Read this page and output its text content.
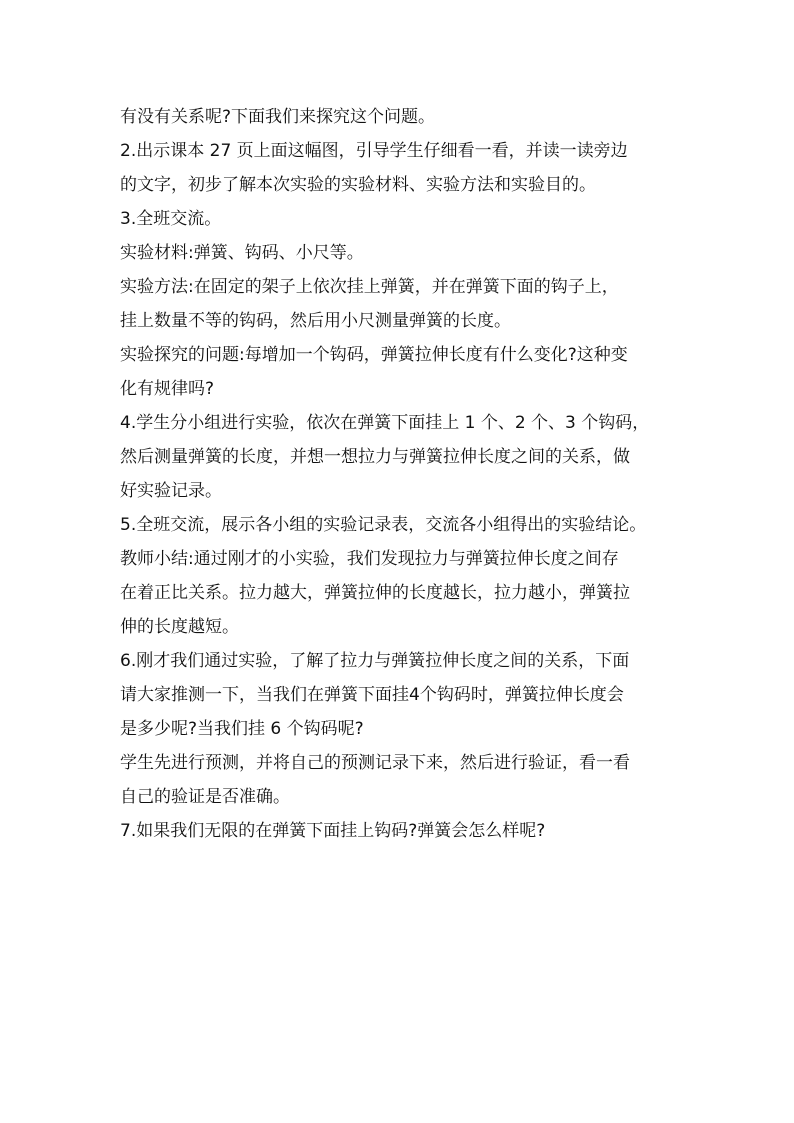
有没有关系呢?下面我们来探究这个问题。

2.出示课本 27 页上面这幅图，引导学生仔细看一看，并读一读旁边

的文字，初步了解本次实验的实验材料、实验方法和实验目的。

3.全班交流。

实验材料:弹簧、钩码、小尺等。

实验方法:在固定的架子上依次挂上弹簧，并在弹簧下面的钩子上，

挂上数量不等的钩码，然后用小尺测量弹簧的长度。

实验探究的问题:每增加一个钩码，弹簧拉伸长度有什么变化?这种变

化有规律吗?

4.学生分小组进行实验，依次在弹簧下面挂上 1 个、2 个、3 个钩码，

然后测量弹簧的长度，并想一想拉力与弹簧拉伸长度之间的关系，做

好实验记录。

5.全班交流，展示各小组的实验记录表，交流各小组得出的实验结论。

教师小结:通过刚才的小实验，我们发现拉力与弹簧拉伸长度之间存

在着正比关系。拉力越大，弹簧拉伸的长度越长，拉力越小，弹簧拉

伸的长度越短。

6.刚才我们通过实验，了解了拉力与弹簧拉伸长度之间的关系，下面

请大家推测一下，当我们在弹簧下面挂4个钩码时，弹簧拉伸长度会

是多少呢?当我们挂 6 个钩码呢?

学生先进行预测，并将自己的预测记录下来，然后进行验证，看一看

自己的验证是否准确。

7.如果我们无限的在弹簧下面挂上钩码?弹簧会怎么样呢?
